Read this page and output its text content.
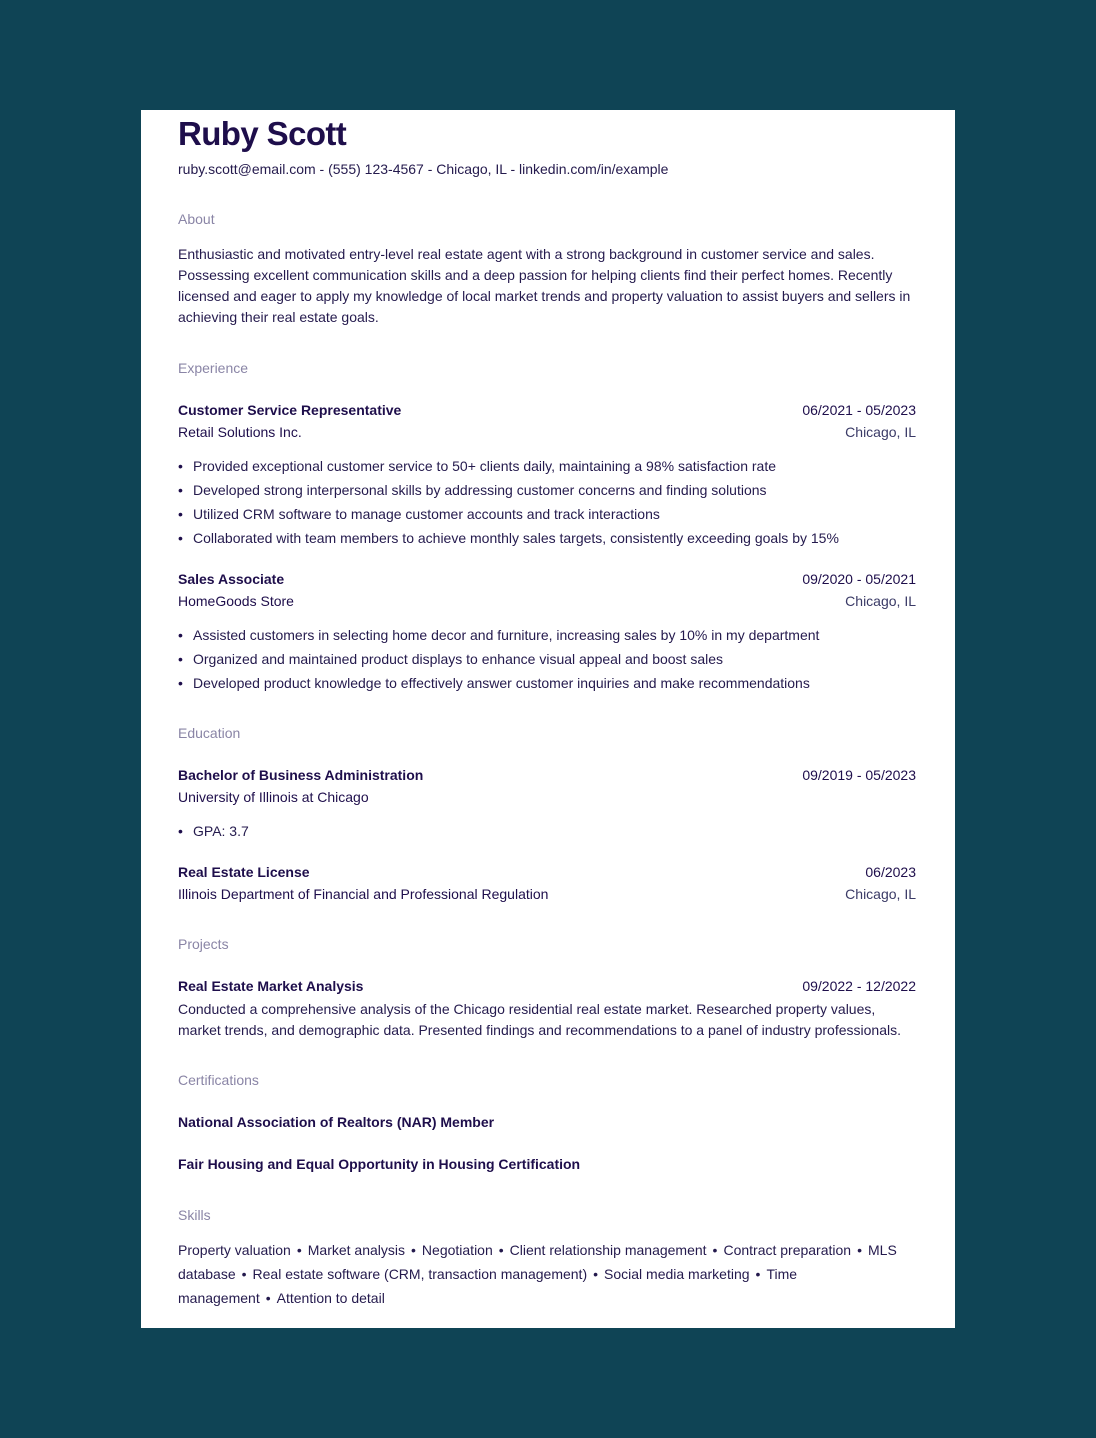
Ruby Scott
ruby.scott@email.com - (555) 123-4567 - Chicago, IL - linkedin.com/in/example
About
Enthusiastic and motivated entry-level real estate agent with a strong background in customer service and sales. Possessing excellent communication skills and a deep passion for helping clients find their perfect homes. Recently licensed and eager to apply my knowledge of local market trends and property valuation to assist buyers and sellers in achieving their real estate goals.
Experience
Customer Service Representative	06/2021 - 05/2023
Retail Solutions Inc.	Chicago, IL
• Provided exceptional customer service to 50+ clients daily, maintaining a 98% satisfaction rate
• Developed strong interpersonal skills by addressing customer concerns and finding solutions
• Utilized CRM software to manage customer accounts and track interactions
• Collaborated with team members to achieve monthly sales targets, consistently exceeding goals by 15%
Sales Associate	09/2020 - 05/2021
HomeGoods Store	Chicago, IL
• Assisted customers in selecting home decor and furniture, increasing sales by 10% in my department
• Organized and maintained product displays to enhance visual appeal and boost sales
• Developed product knowledge to effectively answer customer inquiries and make recommendations
Education
Bachelor of Business Administration	09/2019 - 05/2023
University of Illinois at Chicago
• GPA: 3.7
Real Estate License	06/2023
Illinois Department of Financial and Professional Regulation	Chicago, IL
Projects
Real Estate Market Analysis	09/2022 - 12/2022
Conducted a comprehensive analysis of the Chicago residential real estate market. Researched property values, market trends, and demographic data. Presented findings and recommendations to a panel of industry professionals.
Certifications
National Association of Realtors (NAR) Member
Fair Housing and Equal Opportunity in Housing Certification
Skills
Property valuation • Market analysis • Negotiation • Client relationship management • Contract preparation • MLS database • Real estate software (CRM, transaction management) • Social media marketing • Time management • Attention to detail
